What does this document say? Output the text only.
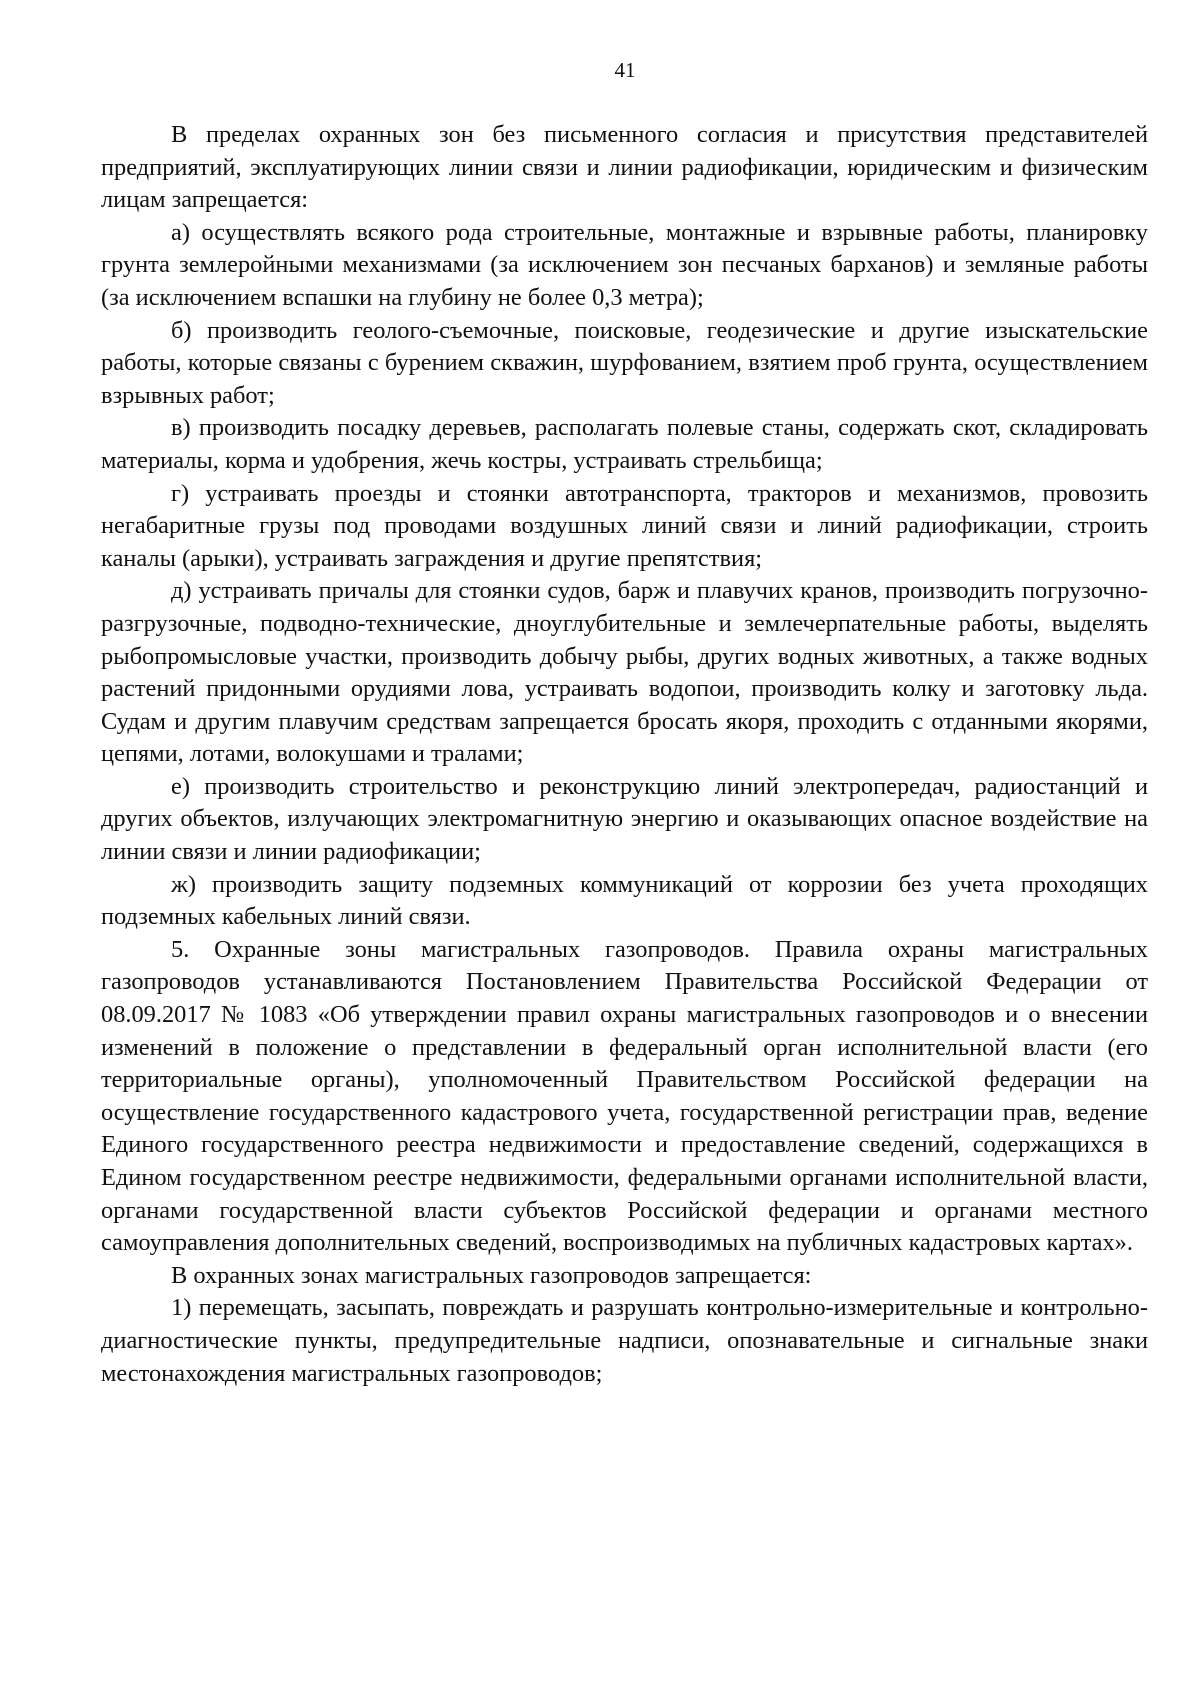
41

В пределах охранных зон без письменного согласия и присутствия представителей предприятий, эксплуатирующих линии связи и линии радиофикации, юридическим и физическим лицам запрещается:

а) осуществлять всякого рода строительные, монтажные и взрывные работы, планировку грунта землеройными механизмами (за исключением зон песчаных барханов) и земляные работы (за исключением вспашки на глубину не более 0,3 метра);

б) производить геолого-съемочные, поисковые, геодезические и другие изыскательские работы, которые связаны с бурением скважин, шурфованием, взятием проб грунта, осуществлением взрывных работ;

в) производить посадку деревьев, располагать полевые станы, содержать скот, складировать материалы, корма и удобрения, жечь костры, устраивать стрельбища;

г) устраивать проезды и стоянки автотранспорта, тракторов и механизмов, провозить негабаритные грузы под проводами воздушных линий связи и линий радиофикации, строить каналы (арыки), устраивать заграждения и другие препятствия;

д) устраивать причалы для стоянки судов, барж и плавучих кранов, производить погрузочно-разгрузочные, подводно-технические, дноуглубительные и землечерпательные работы, выделять рыбопромысловые участки, производить добычу рыбы, других водных животных, а также водных растений придонными орудиями лова, устраивать водопои, производить колку и заготовку льда. Судам и другим плавучим средствам запрещается бросать якоря, проходить с отданными якорями, цепями, лотами, волокушами и тралами;

е) производить строительство и реконструкцию линий электропередач, радиостанций и других объектов, излучающих электромагнитную энергию и оказывающих опасное воздействие на линии связи и линии радиофикации;

ж) производить защиту подземных коммуникаций от коррозии без учета проходящих подземных кабельных линий связи.

5. Охранные зоны магистральных газопроводов. Правила охраны магистральных газопроводов устанавливаются Постановлением Правительства Российской Федерации от 08.09.2017 № 1083 «Об утверждении правил охраны магистральных газопроводов и о внесении изменений в положение о представлении в федеральный орган исполнительной власти (его территориальные органы), уполномоченный Правительством Российской федерации на осуществление государственного кадастрового учета, государственной регистрации прав, ведение Единого государственного реестра недвижимости и предоставление сведений, содержащихся в Едином государственном реестре недвижимости, федеральными органами исполнительной власти, органами государственной власти субъектов Российской федерации и органами местного самоуправления дополнительных сведений, воспроизводимых на публичных кадастровых картах».

В охранных зонах магистральных газопроводов запрещается:

1) перемещать, засыпать, повреждать и разрушать контрольно-измерительные и контрольно-диагностические пункты, предупредительные надписи, опознавательные и сигнальные знаки местонахождения магистральных газопроводов;
